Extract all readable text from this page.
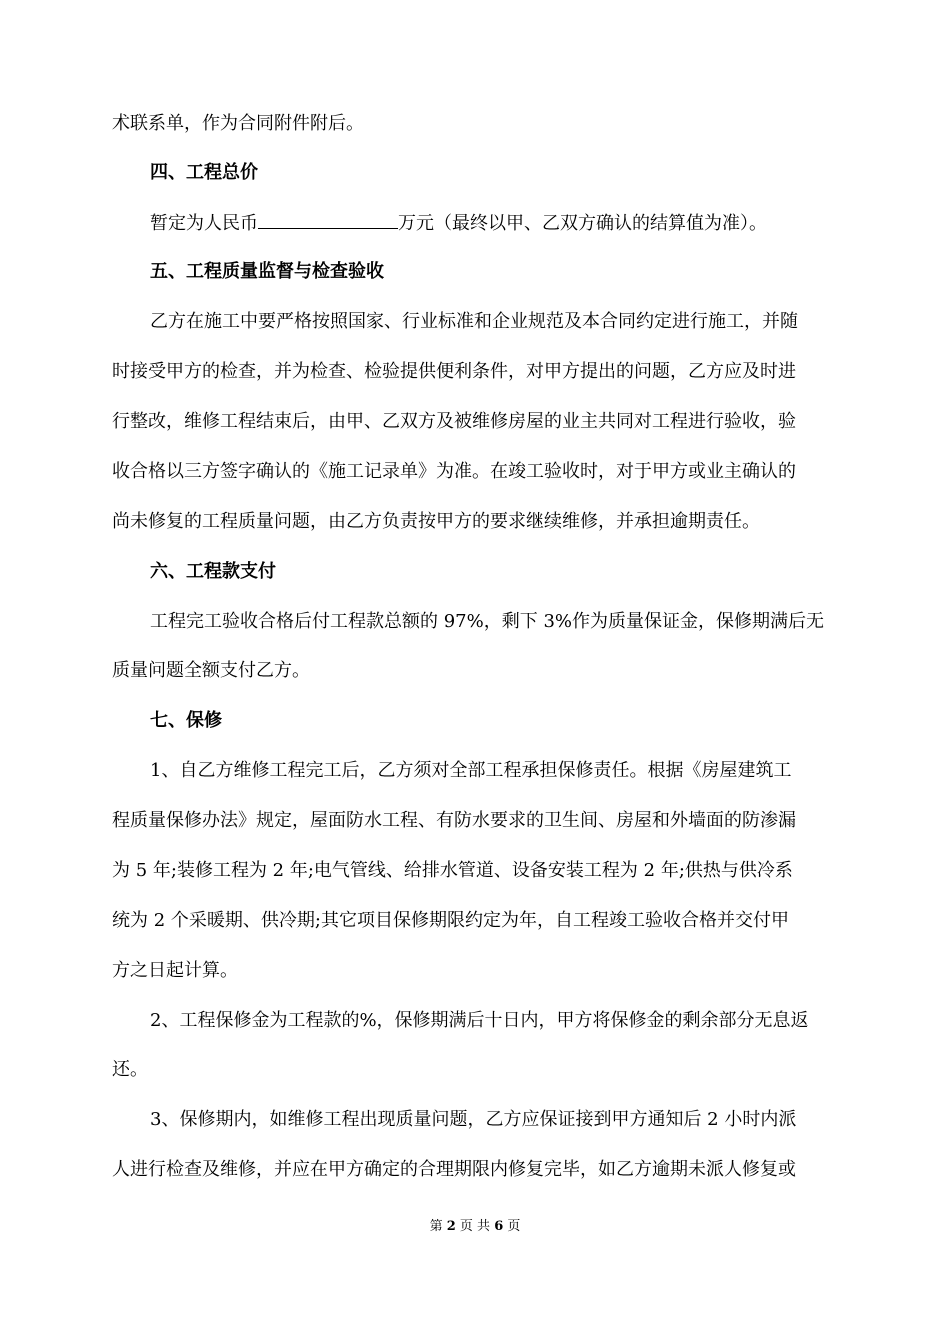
术联系单，作为合同附件附后。
四、工程总价
暂定为人民币	万元（最终以甲、乙双方确认的结算值为准）。
五、工程质量监督与检查验收
乙方在施工中要严格按照国家、行业标准和企业规范及本合同约定进行施工，并随
时接受甲方的检查，并为检查、检验提供便利条件，对甲方提出的问题，乙方应及时进
行整改，维修工程结束后，由甲、乙双方及被维修房屋的业主共同对工程进行验收，验
收合格以三方签字确认的《施工记录单》为准。在竣工验收时，对于甲方或业主确认的
尚未修复的工程质量问题，由乙方负责按甲方的要求继续维修，并承担逾期责任。
六、工程款支付
工程完工验收合格后付工程款总额的 97%，剩下 3%作为质量保证金，保修期满后无
质量问题全额支付乙方。
七、保修
1、自乙方维修工程完工后，乙方须对全部工程承担保修责任。根据《房屋建筑工
程质量保修办法》规定，屋面防水工程、有防水要求的卫生间、房屋和外墙面的防渗漏
为 5 年;装修工程为 2 年;电气管线、给排水管道、设备安装工程为 2 年;供热与供冷系
统为 2 个采暖期、供冷期;其它项目保修期限约定为年，自工程竣工验收合格并交付甲
方之日起计算。
2、工程保修金为工程款的%，保修期满后十日内，甲方将保修金的剩余部分无息返
还。
3、保修期内，如维修工程出现质量问题，乙方应保证接到甲方通知后 2 小时内派
人进行检查及维修，并应在甲方确定的合理期限内修复完毕，如乙方逾期未派人修复或
第 2 页 共 6 页
